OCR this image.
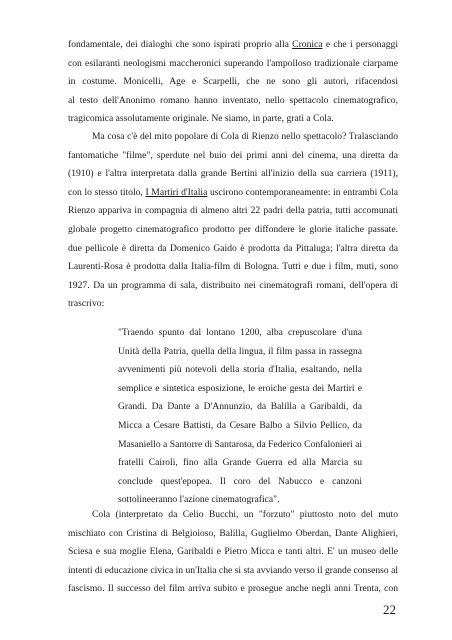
fondamentale, dei dialoghi che sono ispirati proprio alla Cronica e che i personaggi
con esilaranti neologismi maccheronici superando l'ampolloso tradizionale ciarpame
in costume. Monicelli, Age e Scarpelli, che ne sono gli autori, rifacendosi
al testo dell'Anonimo romano hanno inventato, nello spettacolo cinematografico,
tragicomica assolutamente originale. Ne siamo, in parte, grati a Cola.
Ma cosa c'è del mito popolare di Cola di Rienzo nello spettacolo? Tralasciando
fantomatiche "filme", sperdute nel buio dei primi anni del cinema, una diretta da
(1910) e l'altra interpretata dalla grande Bertini all'inizio della sua carriera (1911),
con lo stesso titolo, I Martiri d'Italia uscirono contemporaneamente: in entrambi Cola
Rienzo appariva in compagnia di almeno altri 22 padri della patria, tutti accomunati
globale progetto cinematografico prodotto per diffondere le glorie italiche passate.
due pellicole è diretta da Domenico Gaido è prodotta da Pittaluga; l'altra diretta da
Laurenti-Rosa è prodotta dalla Italia-film di Bologna. Tutti e due i film, muti, sono
1927. Da un programma di sala, distribuito nei cinematografi romani, dell'opera di
trascrivo:
"Traendo spunto dal lontano 1200, alba crepuscolare d'una
Unità della Patria, quella della lingua, il film passa in rassegna
avvenimenti più notevoli della storia d'Italia, esaltando, nella
semplice e sintetica esposizione, le eroiche gesta dei Martiri e
Grandi. Da Dante a D'Annunzio, da Balilla a Garibaldi, da
Micca a Cesare Battisti, da Cesare Balbo a Silvio Pellico, da
Masaniello a Santorre di Santarosa, da Federico Confalonieri ai
fratelli Cairoli, fino alla Grande Guerra ed alla Marcia su
conclude quest'epopea. Il coro del Nabucco e canzoni
sottolineeranno l'azione cinematografica".
Cola (interpretato da Celio Bucchi, un "forzuto" piuttosto noto del muto
mischiato con Cristina di Belgioioso, Balilla, Guglielmo Oberdan, Dante Alighieri,
Sciesa e sua moglie Elena, Garibaldi e Pietro Micca e tanti altri. E' un museo delle
intenti di educazione civica in un'Italia che si sta avviando verso il grande consenso al
fascismo. Il successo del film arriva subito e prosegue anche negli anni Trenta, con
22
